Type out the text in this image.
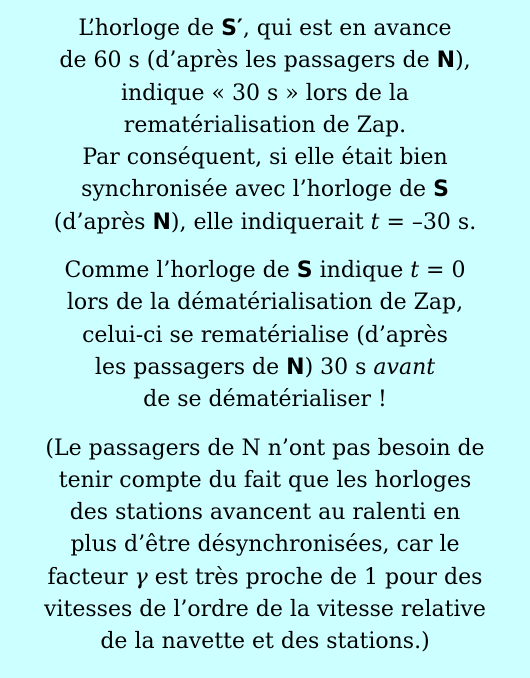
L’horloge de S′, qui est en avance
de 60 s (d’après les passagers de N),
indique « 30 s » lors de la
rematérialisation de Zap.
Par conséquent, si elle était bien
synchronisée avec l’horloge de S
(d’après N), elle indiquerait t = –30 s.
Comme l’horloge de S indique t = 0
lors de la dématérialisation de Zap,
celui-ci se rematérialise (d’après
les passagers de N) 30 s avant
de se dématérialiser !
(Le passagers de N n’ont pas besoin de
tenir compte du fait que les horloges
des stations avancent au ralenti en
plus d’être désynchronisées, car le
facteur γ est très proche de 1 pour des
vitesses de l’ordre de la vitesse relative
de la navette et des stations.)
